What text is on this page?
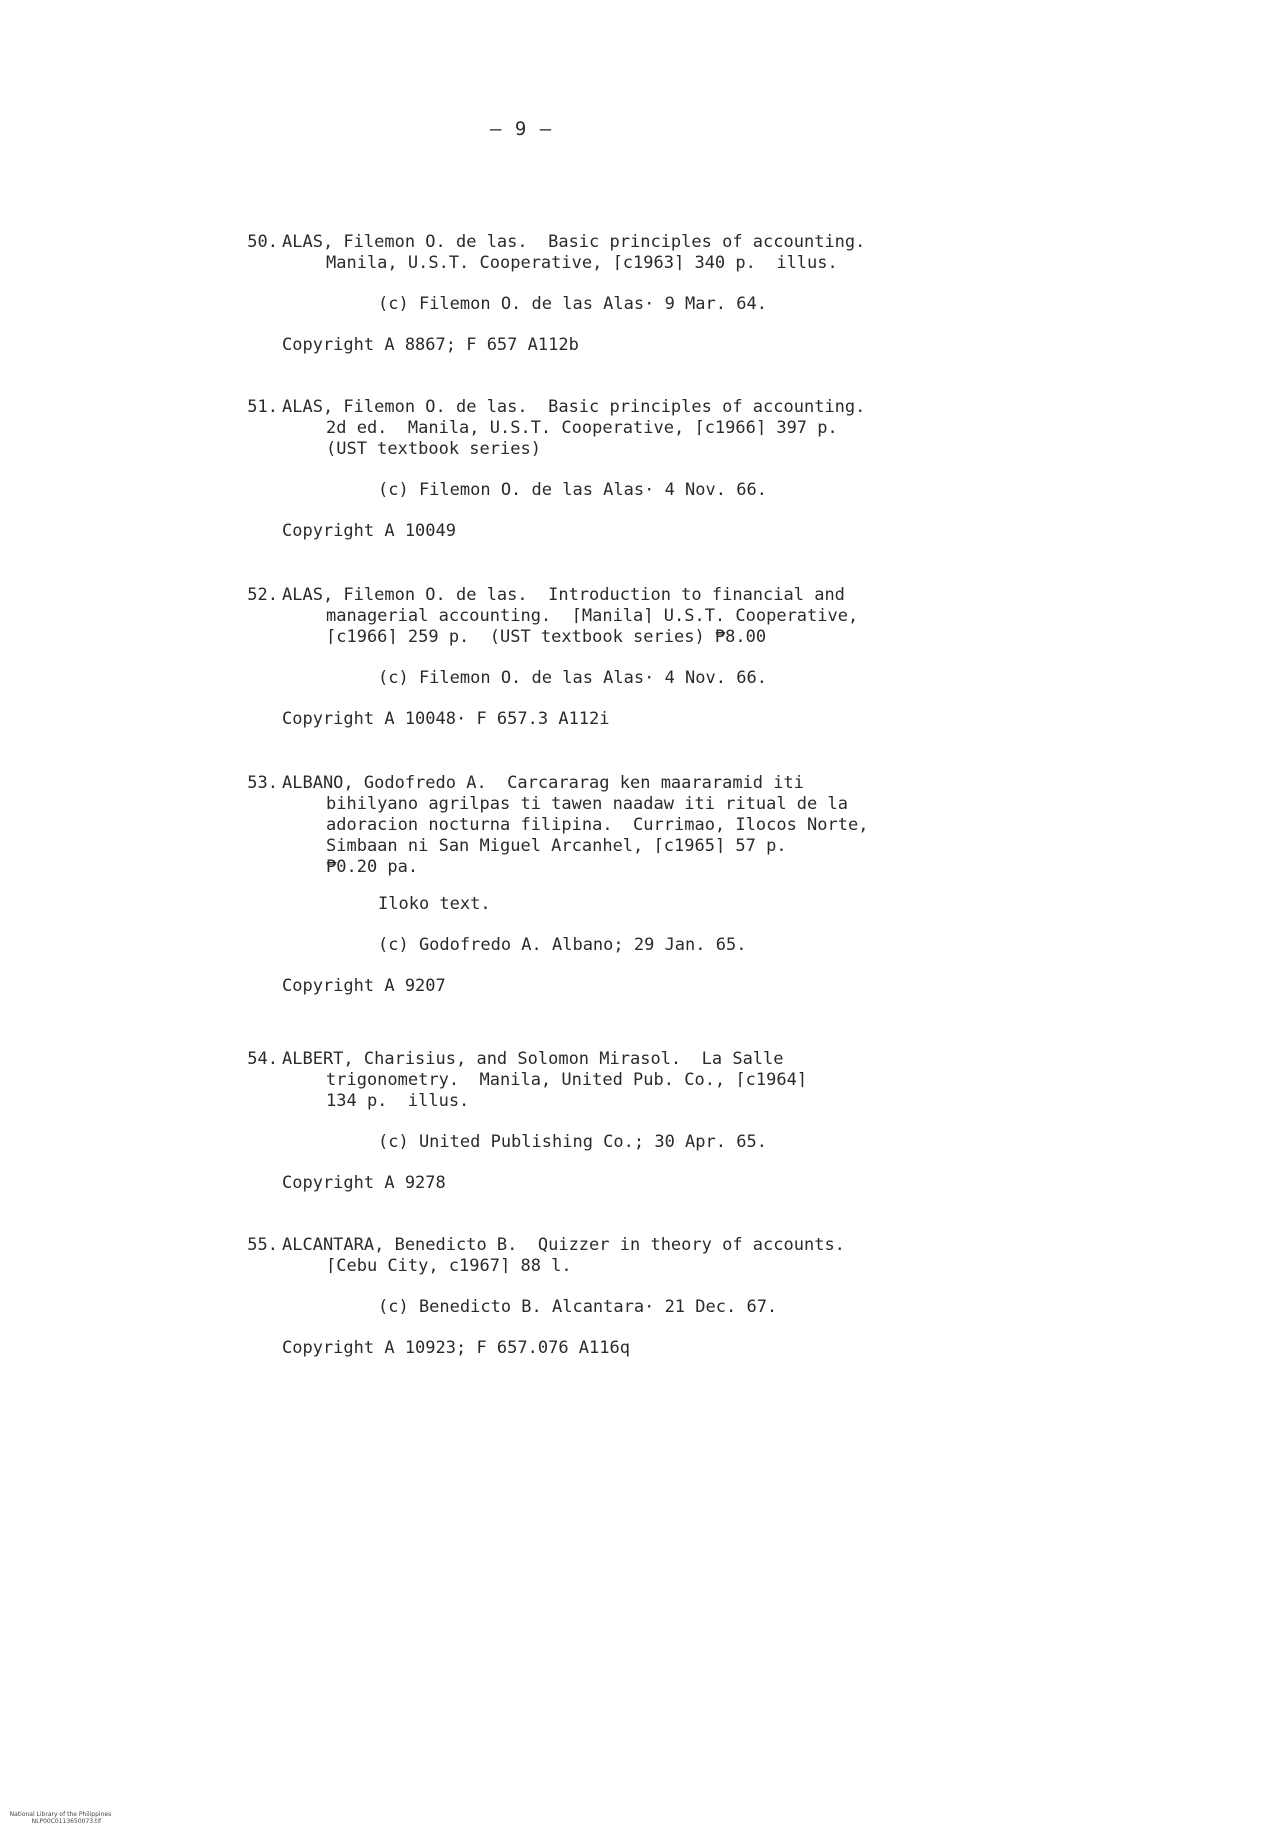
— 9 —
50. ALAS, Filemon O. de las.  Basic principles of accounting.
Manila, U.S.T. Cooperative, ⌈c1963⌉ 340 p.  illus.
(c) Filemon O. de las Alas· 9 Mar. 64.
Copyright A 8867; F 657 A112b
51. ALAS, Filemon O. de las.  Basic principles of accounting.
2d ed.  Manila, U.S.T. Cooperative, ⌈c1966⌉ 397 p.
(UST textbook series)
(c) Filemon O. de las Alas· 4 Nov. 66.
Copyright A 10049
52. ALAS, Filemon O. de las.  Introduction to financial and
managerial accounting.  ⌈Manila⌉ U.S.T. Cooperative,
⌈c1966⌉ 259 p.  (UST textbook series) ₱8.00
(c) Filemon O. de las Alas· 4 Nov. 66.
Copyright A 10048· F 657.3 A112i
53. ALBANO, Godofredo A.  Carcararag ken maararamid iti
bihilyano agrilpas ti tawen naadaw iti ritual de la
adoracion nocturna filipina.  Currimao, Ilocos Norte,
Simbaan ni San Miguel Arcanhel, ⌈c1965⌉ 57 p.
₱0.20 pa.
Iloko text.
(c) Godofredo A. Albano; 29 Jan. 65.
Copyright A 9207
54. ALBERT, Charisius, and Solomon Mirasol.  La Salle
trigonometry.  Manila, United Pub. Co., ⌈c1964⌉
134 p.  illus.
(c) United Publishing Co.; 30 Apr. 65.
Copyright A 9278
55. ALCANTARA, Benedicto B.  Quizzer in theory of accounts.
⌈Cebu City, c1967⌉ 88 l.
(c) Benedicto B. Alcantara· 21 Dec. 67.
Copyright A 10923; F 657.076 A116q

National Library of the Philippines
NLP00C0113650073.tif
